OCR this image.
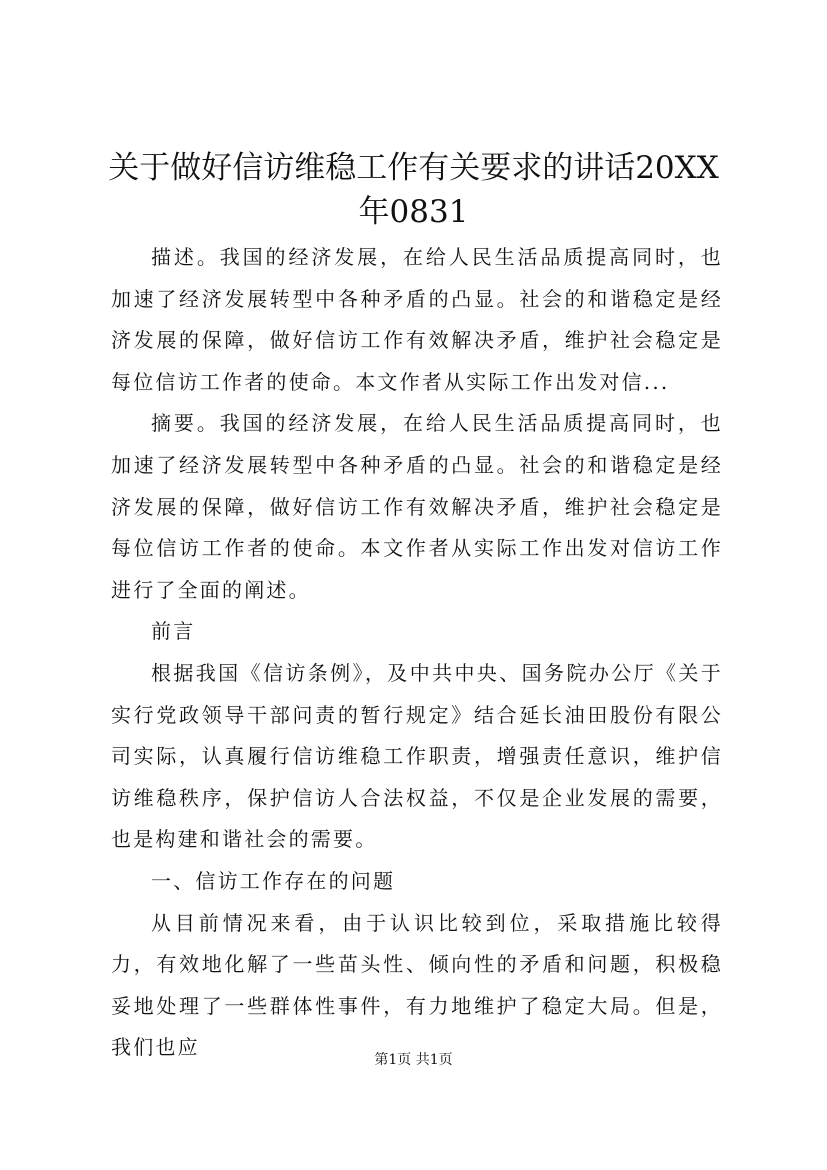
关于做好信访维稳工作有关要求的讲话20XX年0831

描述。我国的经济发展，在给人民生活品质提高同时，也加速了经济发展转型中各种矛盾的凸显。社会的和谐稳定是经济发展的保障，做好信访工作有效解决矛盾，维护社会稳定是每位信访工作者的使命。本文作者从实际工作出发对信...

摘要。我国的经济发展，在给人民生活品质提高同时，也加速了经济发展转型中各种矛盾的凸显。社会的和谐稳定是经济发展的保障，做好信访工作有效解决矛盾，维护社会稳定是每位信访工作者的使命。本文作者从实际工作出发对信访工作进行了全面的阐述。

前言

根据我国《信访条例》，及中共中央、国务院办公厅《关于实行党政领导干部问责的暂行规定》结合延长油田股份有限公司实际，认真履行信访维稳工作职责，增强责任意识，维护信访维稳秩序，保护信访人合法权益，不仅是企业发展的需要，也是构建和谐社会的需要。

一、信访工作存在的问题

从目前情况来看，由于认识比较到位，采取措施比较得力，有效地化解了一些苗头性、倾向性的矛盾和问题，积极稳妥地处理了一些群体性事件，有力地维护了稳定大局。但是，我们也应

第1页 共1页
